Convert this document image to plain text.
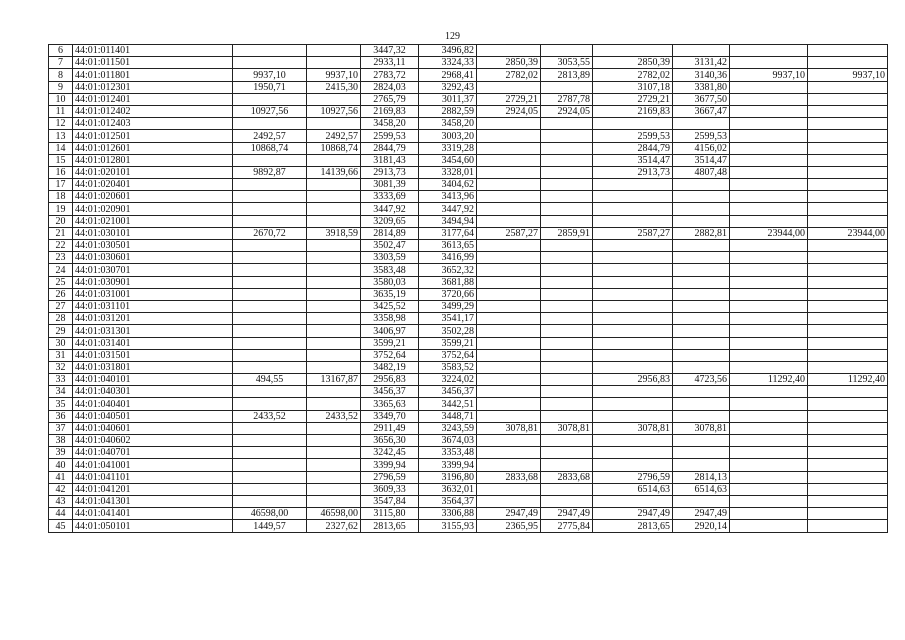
129
6	44:01:011401			3447,32	3496,82						
7	44:01:011501			2933,11	3324,33	2850,39	3053,55	2850,39	3131,42		
8	44:01:011801	9937,10	9937,10	2783,72	2968,41	2782,02	2813,89	2782,02	3140,36	9937,10	9937,10
9	44:01:012301	1950,71	2415,30	2824,03	3292,43			3107,18	3381,80		
10	44:01:012401			2765,79	3011,37	2729,21	2787,78	2729,21	3677,50		
11	44:01:012402	10927,56	10927,56	2169,83	2882,59	2924,05	2924,05	2169,83	3667,47		
12	44:01:012403			3458,20	3458,20						
13	44:01:012501	2492,57	2492,57	2599,53	3003,20			2599,53	2599,53		
14	44:01:012601	10868,74	10868,74	2844,79	3319,28			2844,79	4156,02		
15	44:01:012801			3181,43	3454,60			3514,47	3514,47		
16	44:01:020101	9892,87	14139,66	2913,73	3328,01			2913,73	4807,48		
17	44:01:020401			3081,39	3404,62						
18	44:01:020601			3333,69	3413,96						
19	44:01:020901			3447,92	3447,92						
20	44:01:021001			3209,65	3494,94						
21	44:01:030101	2670,72	3918,59	2814,89	3177,64	2587,27	2859,91	2587,27	2882,81	23944,00	23944,00
22	44:01:030501			3502,47	3613,65						
23	44:01:030601			3303,59	3416,99						
24	44:01:030701			3583,48	3652,32						
25	44:01:030901			3580,03	3681,88						
26	44:01:031001			3635,19	3720,66						
27	44:01:031101			3425,52	3499,29						
28	44:01:031201			3358,98	3541,17						
29	44:01:031301			3406,97	3502,28						
30	44:01:031401			3599,21	3599,21						
31	44:01:031501			3752,64	3752,64						
32	44:01:031801			3482,19	3583,52						
33	44:01:040101	494,55	13167,87	2956,83	3224,02			2956,83	4723,56	11292,40	11292,40
34	44:01:040301			3456,37	3456,37						
35	44:01:040401			3365,63	3442,51						
36	44:01:040501	2433,52	2433,52	3349,70	3448,71						
37	44:01:040601			2911,49	3243,59	3078,81	3078,81	3078,81	3078,81		
38	44:01:040602			3656,30	3674,03						
39	44:01:040701			3242,45	3353,48						
40	44:01:041001			3399,94	3399,94						
41	44:01:041101			2796,59	3196,80	2833,68	2833,68	2796,59	2814,13		
42	44:01:041201			3609,33	3632,01			6514,63	6514,63		
43	44:01:041301			3547,84	3564,37						
44	44:01:041401	46598,00	46598,00	3115,80	3306,88	2947,49	2947,49	2947,49	2947,49		
45	44:01:050101	1449,57	2327,62	2813,65	3155,93	2365,95	2775,84	2813,65	2920,14		
